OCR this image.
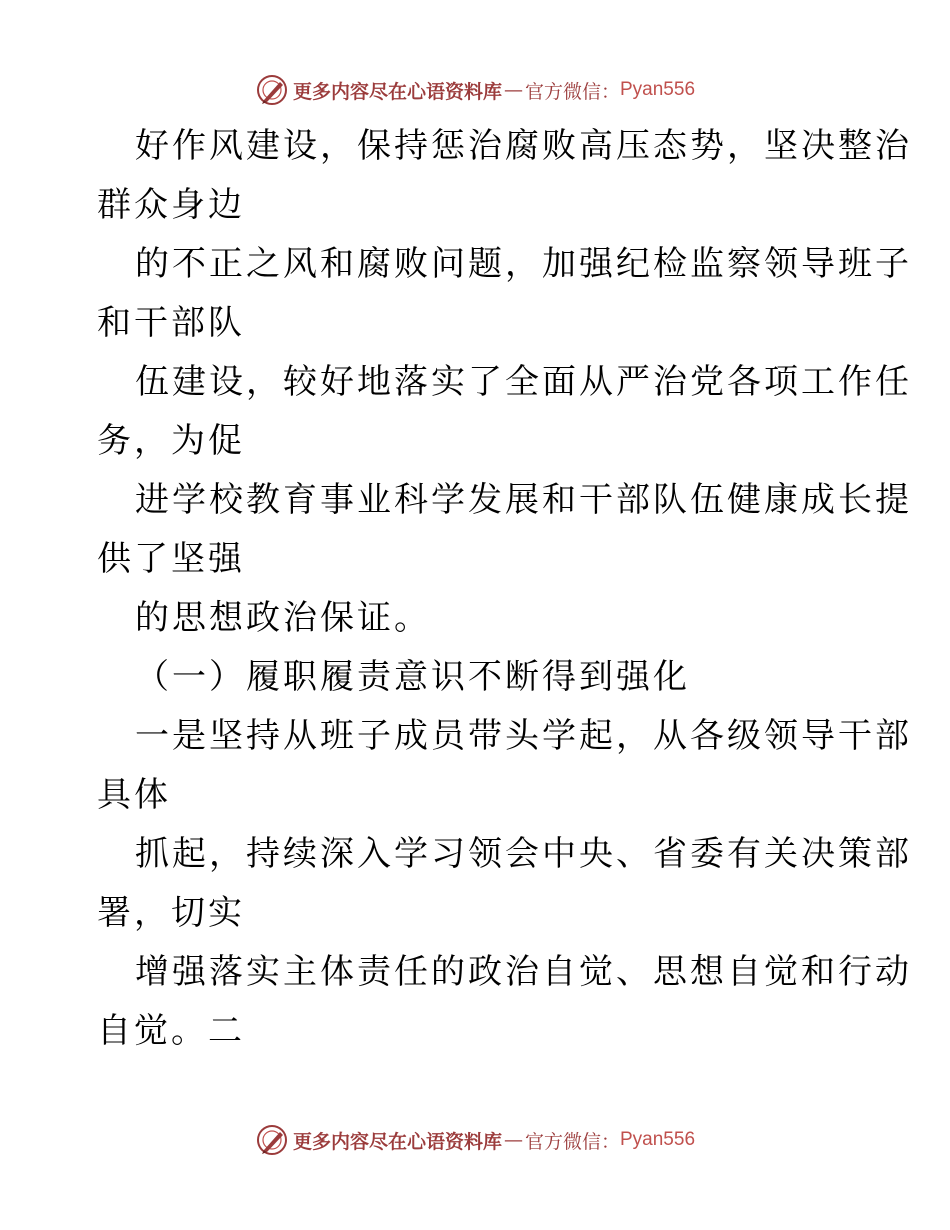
更多内容尽在心语资料库 — 官方微信： Pyan556
好作风建设，保持惩治腐败高压态势，坚决整治
群众身边
的不正之风和腐败问题，加强纪检监察领导班子
和干部队
伍建设，较好地落实了全面从严治党各项工作任
务，为促
进学校教育事业科学发展和干部队伍健康成长提
供了坚强
的思想政治保证。
（一）履职履责意识不断得到强化
一是坚持从班子成员带头学起，从各级领导干部
具体
抓起，持续深入学习领会中央、省委有关决策部
署，切实
增强落实主体责任的政治自觉、思想自觉和行动
自觉。二
更多内容尽在心语资料库 — 官方微信： Pyan556
